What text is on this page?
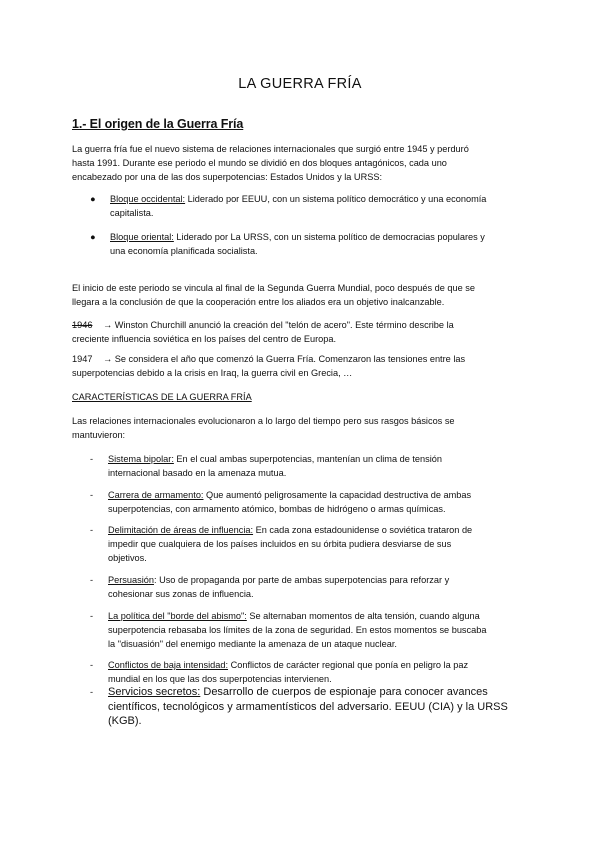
LA GUERRA FRÍA
1.- El origen de la Guerra Fría
La guerra fría fue el nuevo sistema de relaciones internacionales que surgió entre 1945 y perduró
hasta 1991. Durante ese periodo el mundo se dividió en dos bloques antagónicos, cada uno
encabezado por una de las dos superpotencias: Estados Unidos y la URSS:
●	Bloque occidental: Liderado por EEUU, con un sistema político democrático y una economía
capitalista.
●	Bloque oriental: Liderado por La URSS, con un sistema político de democracias populares y
una economía planificada socialista.
El inicio de este periodo se vincula al final de la Segunda Guerra Mundial, poco después de que se
llegara a la conclusión de que la cooperación entre los aliados era un objetivo inalcanzable.
1946 → Winston Churchill anunció la creación del "telón de acero". Este término describe la
creciente influencia soviética en los países del centro de Europa.
1947 → Se considera el año que comenzó la Guerra Fría. Comenzaron las tensiones entre las
superpotencias debido a la crisis en Iraq, la guerra civil en Grecia, …
CARACTERÍSTICAS DE LA GUERRA FRÍA
Las relaciones internacionales evolucionaron a lo largo del tiempo pero sus rasgos básicos se
mantuvieron:
- Sistema bipolar: En el cual ambas superpotencias, mantenían un clima de tensión
internacional basado en la amenaza mutua.
- Carrera de armamento: Que aumentó peligrosamente la capacidad destructiva de ambas
superpotencias, con armamento atómico, bombas de hidrógeno o armas químicas.
- Delimitación de áreas de influencia: En cada zona estadounidense o soviética trataron de
impedir que cualquiera de los países incluidos en su órbita pudiera desviarse de sus
objetivos.
- Persuasión: Uso de propaganda por parte de ambas superpotencias para reforzar y
cohesionar sus zonas de influencia.
- La política del "borde del abismo": Se alternaban momentos de alta tensión, cuando alguna
superpotencia rebasaba los límites de la zona de seguridad. En estos momentos se buscaba
la "disuasión" del enemigo mediante la amenaza de un ataque nuclear.
- Conflictos de baja intensidad: Conflictos de carácter regional que ponía en peligro la paz
mundial en los que las dos superpotencias intervienen.
- Servicios secretos: Desarrollo de cuerpos de espionaje para conocer avances
científicos, tecnológicos y armamentísticos del adversario. EEUU (CIA) y la URSS
(KGB).
